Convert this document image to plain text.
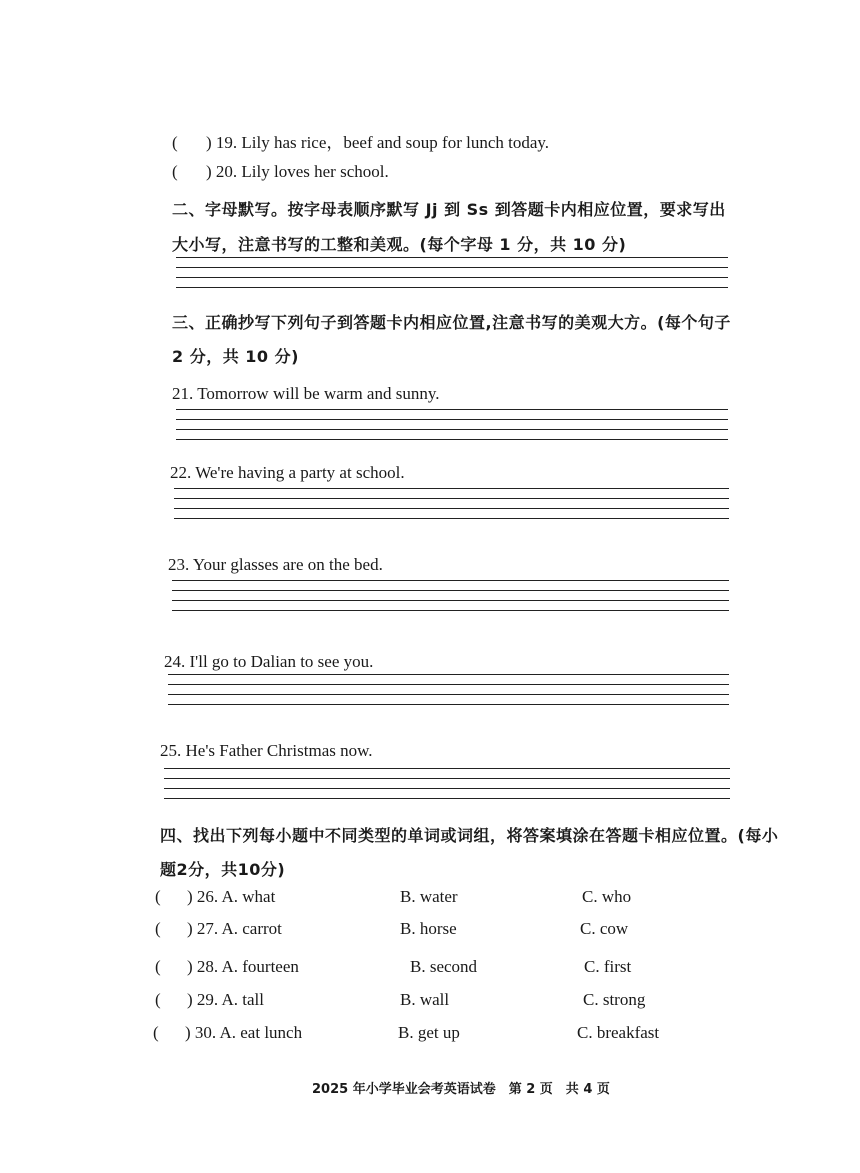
( ) 19. Lily has rice，beef and soup for lunch today.
( ) 20. Lily loves her school.
二、字母默写。按字母表顺序默写 Jj 到 Ss 到答题卡内相应位置，要求写出
大小写，注意书写的工整和美观。(每个字母 1 分，共 10 分)
三、正确抄写下列句子到答题卡内相应位置,注意书写的美观大方。(每个句子
2 分，共 10 分)
21. Tomorrow will be warm and sunny.
22. We're having a party at school.
23. Your glasses are on the bed.
24. I'll go to Dalian to see you.
25. He's Father Christmas now.
四、找出下列每小题中不同类型的单词或词组，将答案填涂在答题卡相应位置。(每小
题2分，共10分)
( ) 26. A. what	B. water	C. who
( ) 27. A. carrot	B. horse	C. cow
( ) 28. A. fourteen	B. second	C. first
( ) 29. A. tall	B. wall	C. strong
( ) 30. A. eat lunch	B. get up	C. breakfast
2025 年小学毕业会考英语试卷　第 2 页　共 4 页
